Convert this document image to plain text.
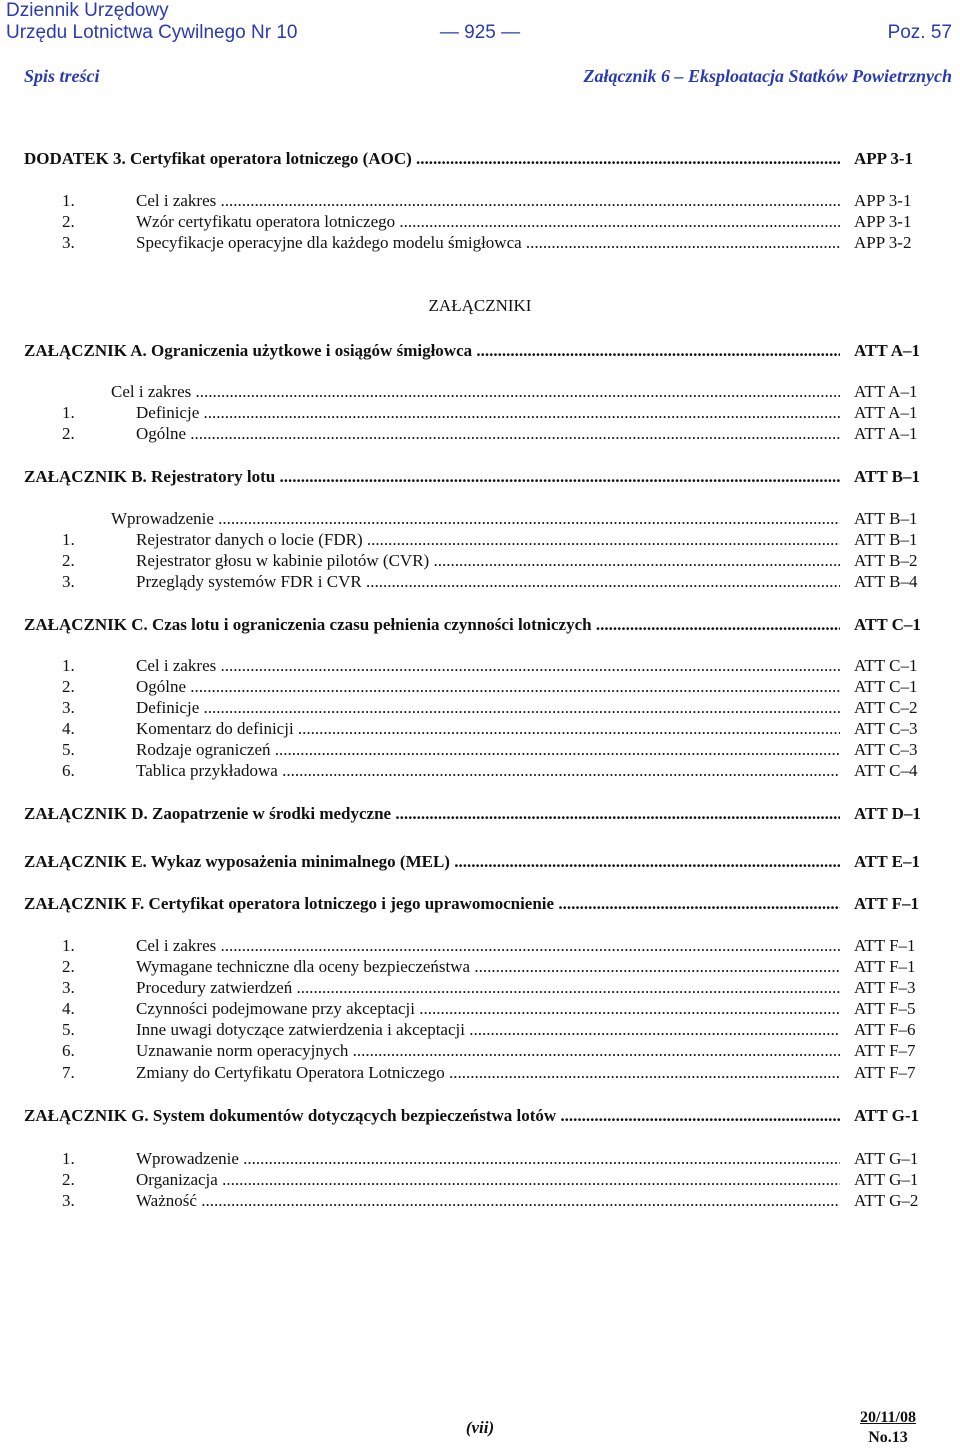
Dziennik Urzędowy
Urzędu Lotnictwa Cywilnego Nr 10	— 925 —	Poz. 57
Spis treści	Załącznik 6 – Eksploatacja Statków Powietrznych
ZAŁĄCZNIKI
DODATEK 3. Certyfikat operatora lotniczego (AOC) .....	APP 3-1
1.	Cel i zakres .....	APP 3-1
2.	Wzór certyfikatu operatora lotniczego .....	APP 3-1
3.	Specyfikacje operacyjne dla każdego modelu śmigłowca .....	APP 3-2
ZAŁĄCZNIK A. Ograniczenia użytkowe i osiągów śmigłowca .....	ATT A–1
Cel i zakres .....	ATT A–1
1.	Definicje .....	ATT A–1
2.	Ogólne .....	ATT A–1
ZAŁĄCZNIK B. Rejestratory lotu .....	ATT B–1
Wprowadzenie .....	ATT B–1
1.	Rejestrator danych o locie (FDR) .....	ATT B–1
2.	Rejestrator głosu w kabinie pilotów (CVR) .....	ATT B–2
3.	Przeglądy systemów FDR i CVR .....	ATT B–4
ZAŁĄCZNIK C. Czas lotu i ograniczenia czasu pełnienia czynności lotniczych .....	ATT C–1
1.	Cel i zakres .....	ATT C–1
2.	Ogólne .....	ATT C–1
3.	Definicje .....	ATT C–2
4.	Komentarz do definicji .....	ATT C–3
5.	Rodzaje ograniczeń .....	ATT C–3
6.	Tablica przykładowa .....	ATT C–4
ZAŁĄCZNIK D. Zaopatrzenie w środki medyczne .....	ATT D–1
ZAŁĄCZNIK E. Wykaz wyposażenia minimalnego (MEL) .....	ATT E–1
ZAŁĄCZNIK F. Certyfikat operatora lotniczego i jego uprawomocnienie .....	ATT F–1
1.	Cel i zakres .....	ATT F–1
2.	Wymagane techniczne dla oceny bezpieczeństwa .....	ATT F–1
3.	Procedury zatwierdzeń .....	ATT F–3
4.	Czynności podejmowane przy akceptacji .....	ATT F–5
5.	Inne uwagi dotyczące zatwierdzenia i akceptacji .....	ATT F–6
6.	Uznawanie norm operacyjnych .....	ATT F–7
7.	Zmiany do Certyfikatu Operatora Lotniczego .....	ATT F–7
ZAŁĄCZNIK G. System dokumentów dotyczących bezpieczeństwa lotów .....	ATT G-1
1.	Wprowadzenie .....	ATT G–1
2.	Organizacja .....	ATT G–1
3.	Ważność .....	ATT G–2
(vii)
20/11/08
No.13
